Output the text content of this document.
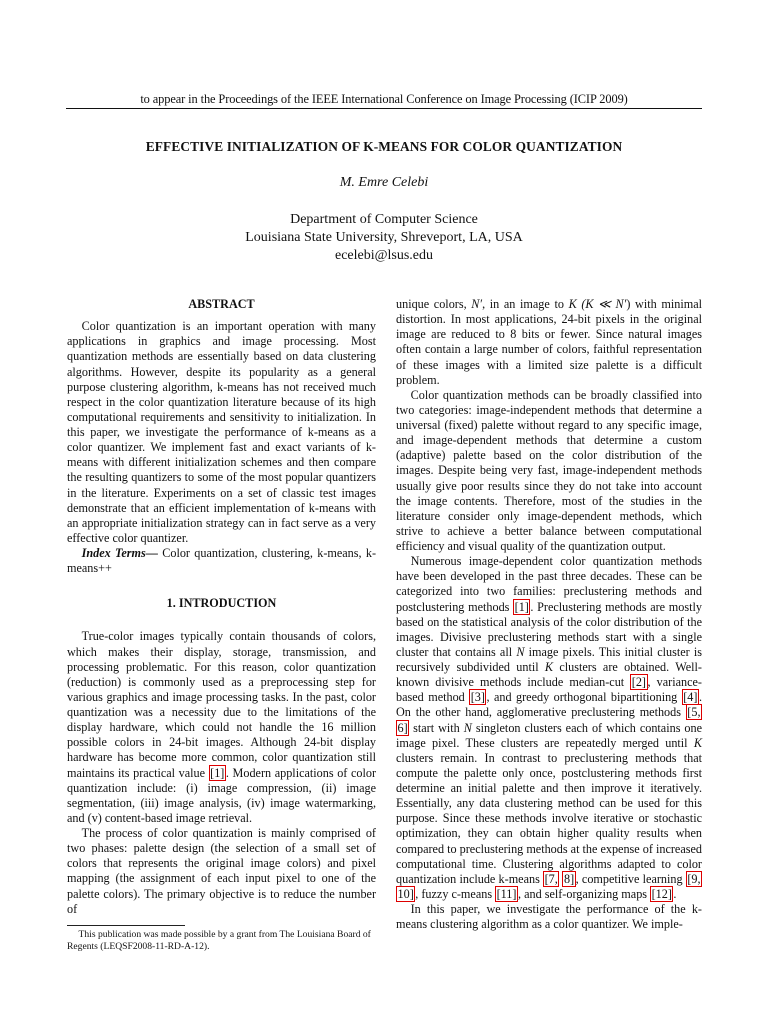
to appear in the Proceedings of the IEEE International Conference on Image Processing (ICIP 2009)
EFFECTIVE INITIALIZATION OF K-MEANS FOR COLOR QUANTIZATION
M. Emre Celebi
Department of Computer Science
Louisiana State University, Shreveport, LA, USA
ecelebi@lsus.edu
ABSTRACT

Color quantization is an important operation with many applications in graphics and image processing. Most quantization methods are essentially based on data clustering algorithms. However, despite its popularity as a general purpose clustering algorithm, k-means has not received much respect in the color quantization literature because of its high computational requirements and sensitivity to initialization. In this paper, we investigate the performance of k-means as a color quantizer. We implement fast and exact variants of k-means with different initialization schemes and then compare the resulting quantizers to some of the most popular quantizers in the literature. Experiments on a set of classic test images demonstrate that an efficient implementation of k-means with an appropriate initialization strategy can in fact serve as a very effective color quantizer.

Index Terms— Color quantization, clustering, k-means, k-means++

1. INTRODUCTION

True-color images typically contain thousands of colors, which makes their display, storage, transmission, and processing problematic. For this reason, color quantization (reduction) is commonly used as a preprocessing step for various graphics and image processing tasks. In the past, color quantization was a necessity due to the limitations of the display hardware, which could not handle the 16 million possible colors in 24-bit images. Although 24-bit display hardware has become more common, color quantization still maintains its practical value [1] . Modern applications of color quantization include: (i) image compression, (ii) image segmentation, (iii) image analysis, (iv) image watermarking, and (v) content-based image retrieval.

The process of color quantization is mainly comprised of two phases: palette design (the selection of a small set of colors that represents the original image colors) and pixel mapping (the assignment of each input pixel to one of the palette colors). The primary objective is to reduce the number of

unique colors, N′, in an image to K (K ≪ N′) with minimal distortion. In most applications, 24-bit pixels in the original image are reduced to 8 bits or fewer. Since natural images often contain a large number of colors, faithful representation of these images with a limited size palette is a difficult problem.

Color quantization methods can be broadly classified into two categories: image-independent methods that determine a universal (fixed) palette without regard to any specific image, and image-dependent methods that determine a custom (adaptive) palette based on the color distribution of the images. Despite being very fast, image-independent methods usually give poor results since they do not take into account the image contents. Therefore, most of the studies in the literature consider only image-dependent methods, which strive to achieve a better balance between computational efficiency and visual quality of the quantization output.

Numerous image-dependent color quantization methods have been developed in the past three decades. These can be categorized into two families: preclustering methods and postclustering methods [1] . Preclustering methods are mostly based on the statistical analysis of the color distribution of the images. Divisive preclustering methods start with a single cluster that contains all N image pixels. This initial cluster is recursively subdivided until K clusters are obtained. Well-known divisive methods include median-cut [2] , variance-based method [3] , and greedy orthogonal bipartitioning [4] . On the other hand, agglomerative preclustering methods [5, 6] start with N singleton clusters each of which contains one image pixel. These clusters are repeatedly merged until K clusters remain. In contrast to preclustering methods that compute the palette only once, postclustering methods first determine an initial palette and then improve it iteratively. Essentially, any data clustering method can be used for this purpose. Since these methods involve iterative or stochastic optimization, they can obtain higher quality results when compared to preclustering methods at the expense of increased computational time. Clustering algorithms adapted to color quantization include k-means [7, 8] , competitive learning [9, 10] , fuzzy c-means [11] , and self-organizing maps [12] .

In this paper, we investigate the performance of the k-means clustering algorithm as a color quantizer. We imple-

This publication was made possible by a grant from The Louisiana Board of Regents (LEQSF2008-11-RD-A-12).
